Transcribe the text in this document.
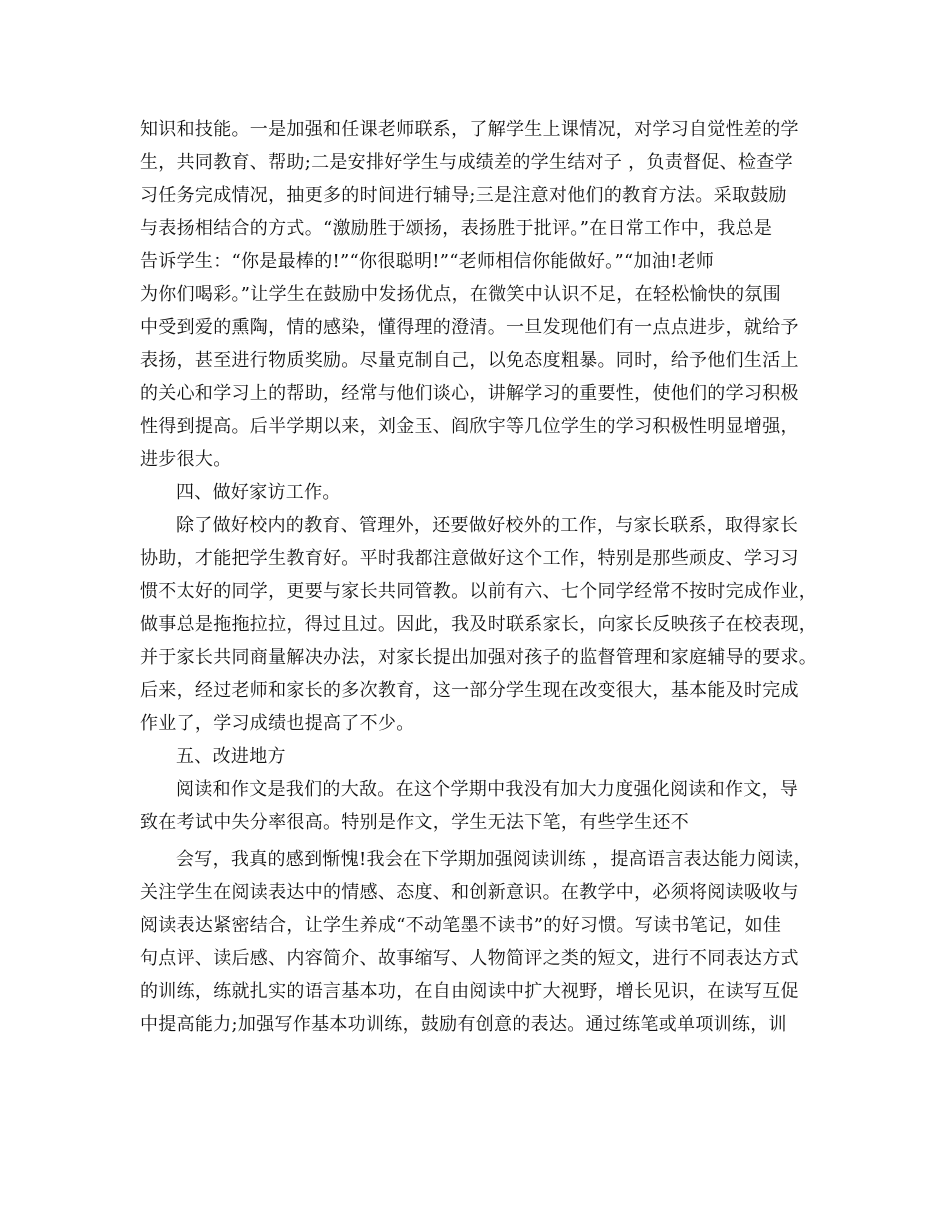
知识和技能。一是加强和任课老师联系，了解学生上课情况，对学习自觉性差的学
生，共同教育、帮助;二是安排好学生与成绩差的学生结对子 ，负责督促、检查学
习任务完成情况，抽更多的时间进行辅导;三是注意对他们的教育方法。采取鼓励
与表扬相结合的方式。“激励胜于颂扬，表扬胜于批评。”在日常工作中，我总是
告诉学生：“你是最棒的!”“你很聪明!”“老师相信你能做好。”“加油!老师
为你们喝彩。”让学生在鼓励中发扬优点，在微笑中认识不足，在轻松愉快的氛围
中受到爱的熏陶，情的感染，懂得理的澄清。一旦发现他们有一点点进步，就给予
表扬，甚至进行物质奖励。尽量克制自己，以免态度粗暴。同时，给予他们生活上
的关心和学习上的帮助，经常与他们谈心，讲解学习的重要性，使他们的学习积极
性得到提高。后半学期以来，刘金玉、阎欣宇等几位学生的学习积极性明显增强，
进步很大。
四、做好家访工作。
除了做好校内的教育、管理外，还要做好校外的工作，与家长联系，取得家长
协助，才能把学生教育好。平时我都注意做好这个工作，特别是那些顽皮、学习习
惯不太好的同学，更要与家长共同管教。以前有六、七个同学经常不按时完成作业，
做事总是拖拖拉拉，得过且过。因此，我及时联系家长，向家长反映孩子在校表现，
并于家长共同商量解决办法，对家长提出加强对孩子的监督管理和家庭辅导的要求。
后来，经过老师和家长的多次教育，这一部分学生现在改变很大，基本能及时完成
作业了，学习成绩也提高了不少。
五、改进地方
阅读和作文是我们的大敌。在这个学期中我没有加大力度强化阅读和作文，导
致在考试中失分率很高。特别是作文，学生无法下笔，有些学生还不
会写，我真的感到惭愧!我会在下学期加强阅读训练 ，提高语言表达能力阅读，
关注学生在阅读表达中的情感、态度、和创新意识。在教学中，必须将阅读吸收与
阅读表达紧密结合，让学生养成“不动笔墨不读书”的好习惯。写读书笔记，如佳
句点评、读后感、内容简介、故事缩写、人物简评之类的短文，进行不同表达方式
的训练，练就扎实的语言基本功，在自由阅读中扩大视野，增长见识，在读写互促
中提高能力;加强写作基本功训练，鼓励有创意的表达。通过练笔或单项训练，训
